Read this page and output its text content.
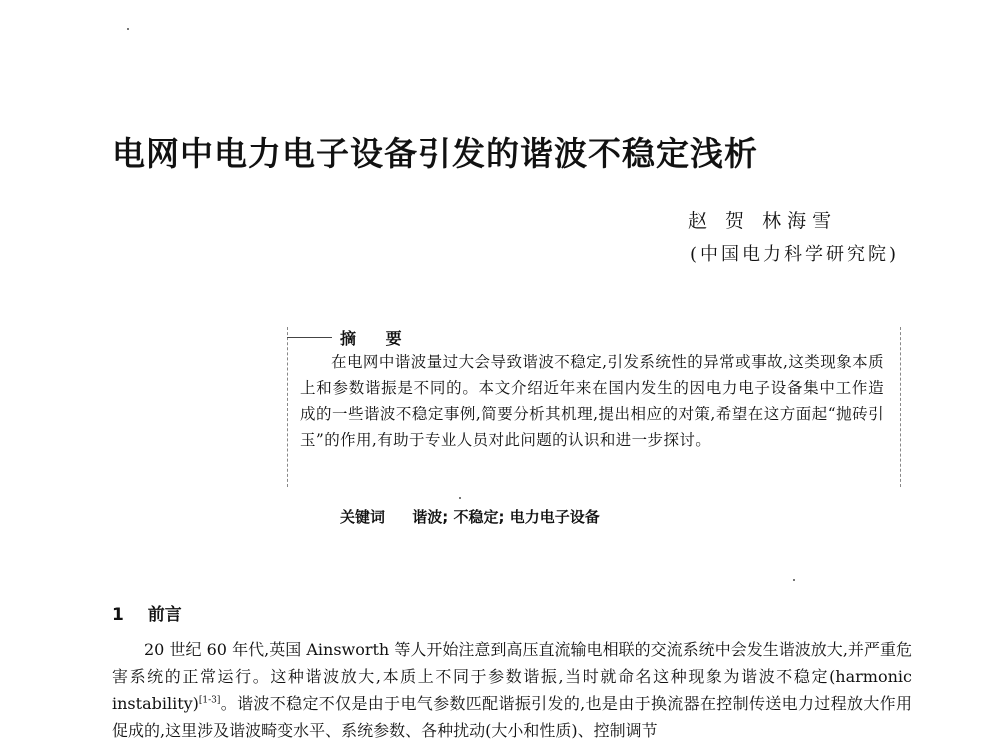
电网中电力电子设备引发的谐波不稳定浅析
赵 贺 林海雪
(中国电力科学研究院)
摘 要
在电网中谐波量过大会导致谐波不稳定,引发系统性的异常或事故,这类现象本质上和参数谐振是不同的。本文介绍近年来在国内发生的因电力电子设备集中工作造成的一些谐波不稳定事例,简要分析其机理,提出相应的对策,希望在这方面起“抛砖引玉”的作用,有助于专业人员对此问题的认识和进一步探讨。
关键词 谐波; 不稳定; 电力电子设备
1 前言
20 世纪 60 年代,英国 Ainsworth 等人开始注意到高压直流输电相联的交流系统中会发生谐波放大,并严重危害系统的正常运行。这种谐波放大,本质上不同于参数谐振,当时就命名这种现象为谐波不稳定(harmonic instability)[1-3]。谐波不稳定不仅是由于电气参数匹配谐振引发的,也是由于换流器在控制传送电力过程放大作用促成的,这里涉及谐波畸变水平、系统参数、各种扰动(大小和性质)、控制调节
